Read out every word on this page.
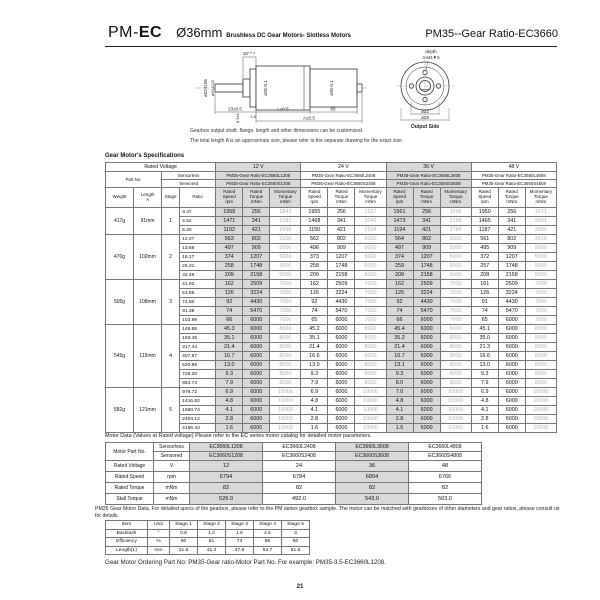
PM-EC Ø36mm Brushless DC Gear Motors- Slotless Motors	PM35--Gear Ratio-EC3660
18⁺⁰·⁵
ø22-0.05 ø10-0.02
8.5±1
23±0.5
1.5
L±0.5	60
A±0.5
ø35-0.1	ø36-0.1
depth
4-M4▼5
ø22
ø28
Output Side

Gearbox output shaft, flange, length and other dimensions can be customized.

The total length A is an approximate size, please refer to the separate drawing for the exact size.

Gear Motor's Specifications
Rated Voltage				12 V			24 V			36 V			48 V		
Part No.		Sensorless		PM35-Gear Ratio-EC3660L1208			PM35-Gear Ratio-EC3660L2408			PM35-Gear Ratio-EC3660L3608			PM35-Gear Ratio-EC3660L4808		
		Sensored		PM35-Gear Ratio-EC3660S1208			PM35-Gear Ratio-EC3660S2408			PM35-Gear Ratio-EC3660S3608			PM35-Gear Ratio-EC3660S4808		
Weight	Length
A	Stage	Ratio	Rated
Speed
rpm	Rated
Torque
mNm	Momentary
Torque
mNm	Rated
Speed
rpm	Rated
Torque
mNm	Momentary
Torque
mNm	Rated
Speed
rpm	Rated
Torque
mNm	Momentary
Torque
mNm	Rated
Speed
rpm	Rated
Torque
mNm	Momentary
Torque
mNm
417g	91mm	1	3.47	1958	256	1643	1955	256	1537	1961	256	1696	1950	256	1571
			4.62	1471	341	2187	1468	341	2046	1473	341	2258	1465	341	2091
			5.20	1192	421	2698	1150	421	2524	1194	421	2786	1187	421	2580
470g	102mm	2	12.07	563	802	5000	562	802	5000	564	802	5000	561	802	4918
			13.68	497	909	5000	496	909	5000	497	909	5000	495	909	5000
			18.17	374	1207	5000	373	1207	5000	374	1207	5000	372	1207	5000
			26.31	258	1748	5000	258	1748	5000	259	1748	5000	257	1748	5000
			32.49	209	2158	5000	209	2158	5000	209	2158	5000	208	2158	5000
505g	108mm	3	41.92	162	2509	7000	162	2509	7000	162	2509	7000	161	2509	7000
			53.86	126	3224	7000	126	3224	7000	126	3224	7000	126	3224	7000
			74.80	92	4430	7000	92	4430	7000	92	4430	7000	91	4430	7000
			91.38	74	5470	7000	74	5470	7000	74	5470	7000	74	5470	7000
			103.99	66	6000	7000	65	6000	7000	66	6000	7000	65	6000	7000
545g	115mm	4	149.85	45.3	6000	8000	45.2	6000	8000	45.4	6000	8000	45.1	6000	8000
			183.45	35.1	6000	8000	35.1	6000	8000	35.2	6000	8000	35.0	6000	8000
			317.44	21.4	6000	8000	21.4	6000	8000	21.4	6000	8000	21.3	6000	8000
			407.87	16.7	6000	8000	16.6	6000	8000	16.7	6000	8000	16.6	6000	8000
			520.89	13.0	6000	8000	13.0	6000	8000	13.1	6000	8000	13.0	6000	8000
			729.20	9.3	6000	8000	9.3	6000	8000	9.3	6000	8000	9.3	6000	8000
			854.74	7.9	6000	8000	7.9	6000	8000	8.0	6000	8000	7.9	6000	8000
582g	121mm	5	978.72	6.9	6000	10000	6.9	6000	10000	7.0	6000	10000	6.9	6000	10000
			1416.82	4.8	6000	10000	4.8	6000	10000	4.8	6000	10000	4.8	6000	10000
			1660.74	4.1	6000	10000	4.1	6000	10000	4.1	6000	10000	4.1	6000	10000
			2404.12	2.8	6000	10000	2.8	6000	10000	2.8	6000	10000	2.8	6000	10000
			4156.43	1.6	6000	10000	1.6	6000	10000	1.6	6000	10000	1.6	6000	10000
Motor Data (Values at Rated voltage) Please refer to the EC series motor catalog for detailed motor parameters.
Motor Part No.	Sensorless	EC3660L1208	EC3660L2408	EC3660L3608	EC3660L4808
	Sensored	EC3660S1208	EC3660S2408	EC3660S3608	EC3660S4808
Rated Voltage	V	12	24	36	48
Rated Speed	rpm	6794	6784	6804	6766
Rated Torque	mNm	82	82	82	82
Stall Torque	mNm	526.0	492.0	543.0	503.0
PM35 Gear Motor Data, For detailed specs of the gearbox, please refer to the PM series gearbox sample. The motor can be matched with gearboxes of other diameters and gear ratios, please consult us for details.
Item	Unit	Stage 1	Stage 2	Stage 3	Stage 4	Stage 5
Backlash	°	0.8	1.2	1.6	2.5	3
Efficiency	%	90	81	73	66	60
Length(L)	mm	31.5	41.4	47.9	54.7	61.5
Gear Motor Ordering Part No: PM35-Gear ratio-Motor Part No. For example: PM35-3.5-EC3660L1208.
21
